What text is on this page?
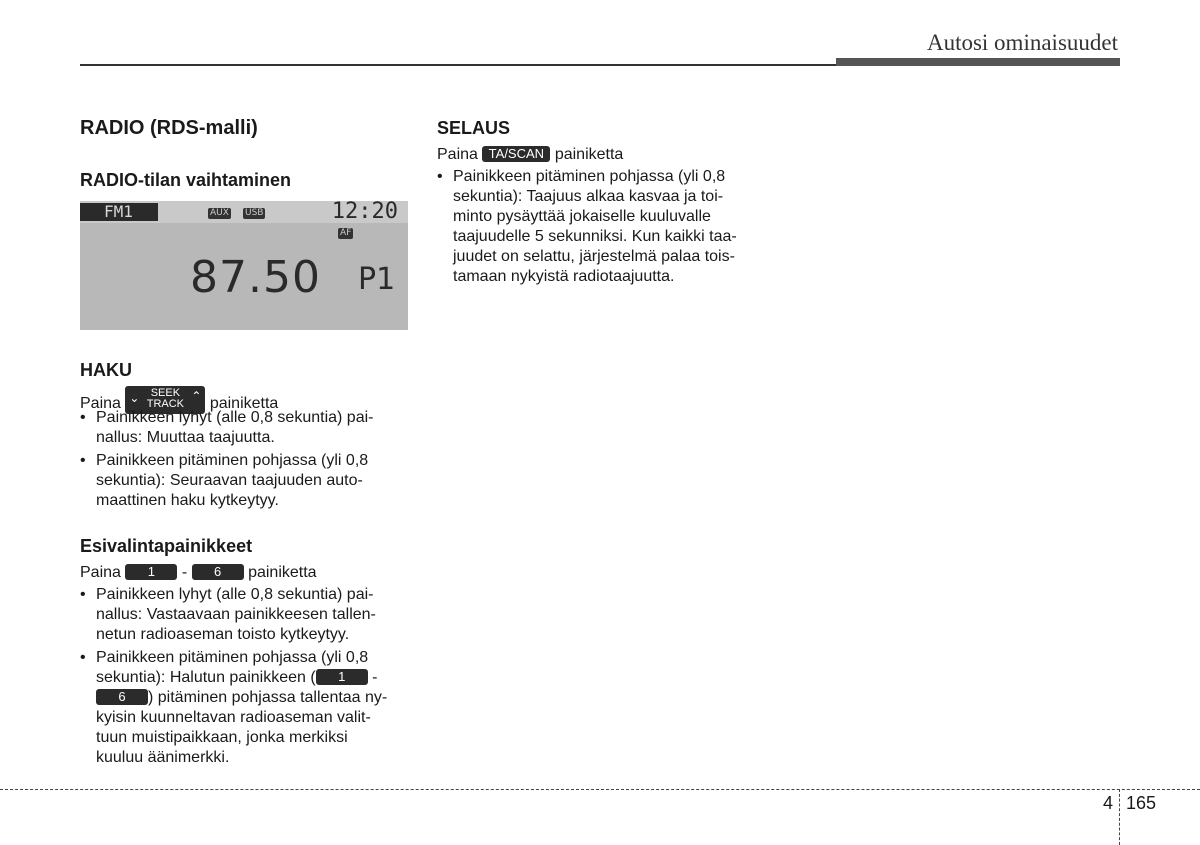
Autosi ominaisuudet
RADIO (RDS-malli)
RADIO-tilan vaihtaminen
FM1	AUX USB	12:20
AF
87.50 P1
HAKU
Paina ⌄	SEEK
TRACK
⌃ painiketta
• Painikkeen lyhyt (alle 0,8 sekuntia) pai-
nallus: Muuttaa taajuutta.
• Painikkeen pitäminen pohjassa (yli 0,8
sekuntia): Seuraavan taajuuden auto-
maattinen haku kytkeytyy.
Esivalintapainikkeet
Paina 1 - 6 painiketta
• Painikkeen lyhyt (alle 0,8 sekuntia) pai-
nallus: Vastaavaan painikkeesen tallen-
netun radioaseman toisto kytkeytyy.
• Painikkeen pitäminen pohjassa (yli 0,8
sekuntia): Halutun painikkeen ( 1 -
6 ) pitäminen pohjassa tallentaa ny-
kyisin kuunneltavan radioaseman valit-
tuun muistipaikkaan, jonka merkiksi
kuuluu äänimerkki.
SELAUS
Paina TA/SCAN painiketta
• Painikkeen pitäminen pohjassa (yli 0,8
sekuntia): Taajuus alkaa kasvaa ja toi-
minto pysäyttää jokaiselle kuuluvalle
taajuudelle 5 sekunniksi. Kun kaikki taa-
juudet on selattu, järjestelmä palaa tois-
tamaan nykyistä radiotaajuutta.
4 165
